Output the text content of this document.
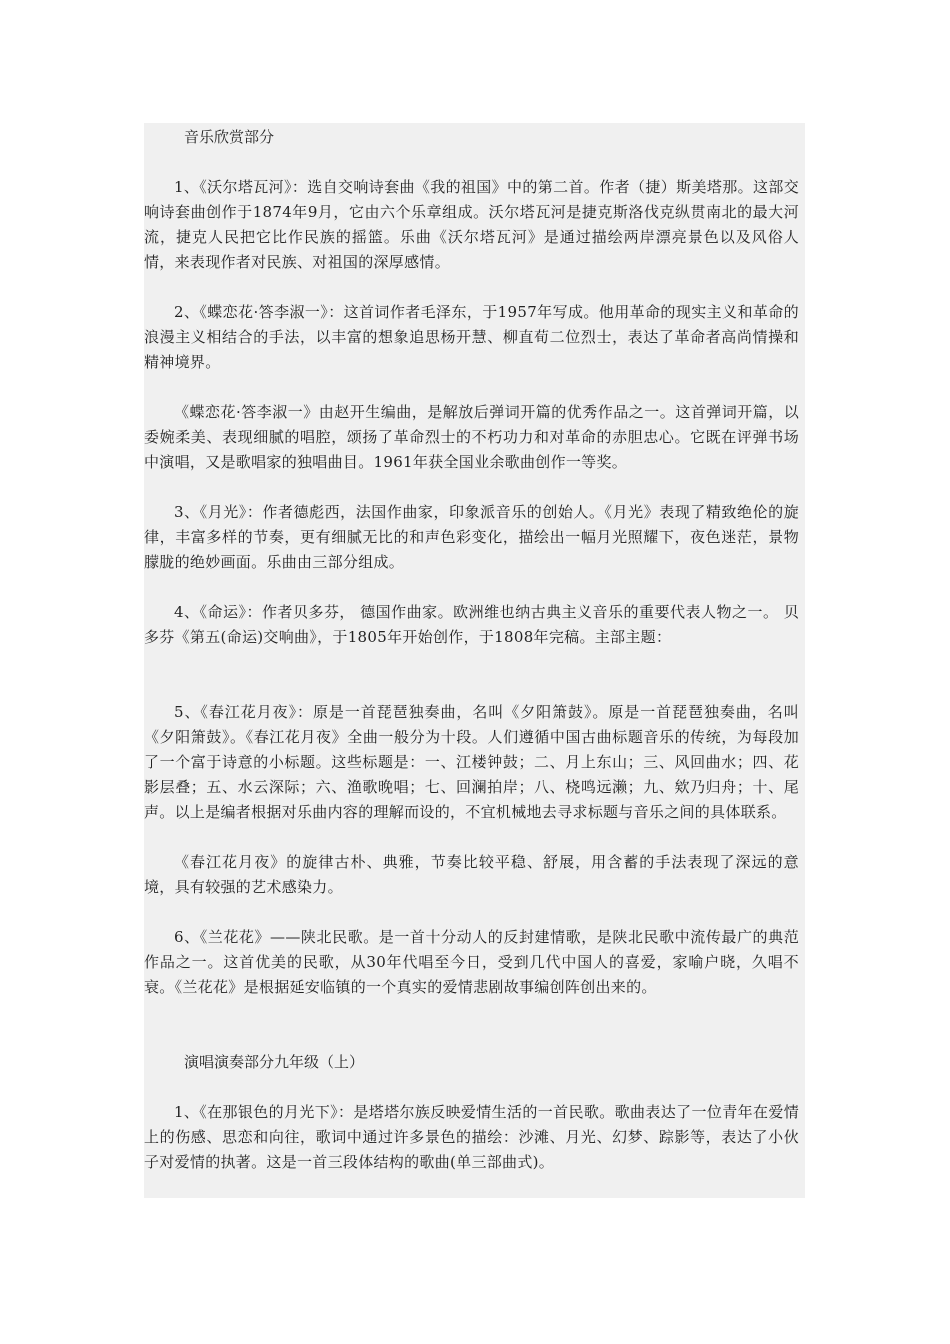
音乐欣赏部分

1、《沃尔塔瓦河》：选自交响诗套曲《我的祖国》中的第二首。作者（捷）斯美塔那。这部交响诗套曲创作于1874年9月，它由六个乐章组成。沃尔塔瓦河是捷克斯洛伐克纵贯南北的最大河流，捷克人民把它比作民族的摇篮。乐曲《沃尔塔瓦河》是通过描绘两岸漂亮景色以及风俗人情，来表现作者对民族、对祖国的深厚感情。

2、《蝶恋花·答李淑一》：这首词作者毛泽东，于1957年写成。他用革命的现实主义和革命的浪漫主义相结合的手法，以丰富的想象追思杨开慧、柳直荀二位烈士，表达了革命者高尚情操和精神境界。

《蝶恋花·答李淑一》由赵开生编曲，是解放后弹词开篇的优秀作品之一。这首弹词开篇，以委婉柔美、表现细腻的唱腔，颂扬了革命烈士的不朽功力和对革命的赤胆忠心。它既在评弹书场中演唱，又是歌唱家的独唱曲目。1961年获全国业余歌曲创作一等奖。

3、《月光》：作者德彪西，法国作曲家，印象派音乐的创始人。《月光》表现了精致绝伦的旋律，丰富多样的节奏，更有细腻无比的和声色彩变化，描绘出一幅月光照耀下，夜色迷茫，景物朦胧的绝妙画面。乐曲由三部分组成。

4、《命运》：作者贝多芬， 德国作曲家。欧洲维也纳古典主义音乐的重要代表人物之一。 贝多芬《第五(命运)交响曲》，于1805年开始创作，于1808年完稿。主部主题：

5、《春江花月夜》：原是一首琵琶独奏曲，名叫《夕阳箫鼓》。原是一首琵琶独奏曲，名叫《夕阳箫鼓》。《春江花月夜》全曲一般分为十段。人们遵循中国古曲标题音乐的传统，为每段加了一个富于诗意的小标题。这些标题是：一、江楼钟鼓；二、月上东山；三、风回曲水；四、花影层叠；五、水云深际；六、渔歌晚唱；七、回澜拍岸；八、桡鸣远濑；九、欸乃归舟；十、尾声。以上是编者根据对乐曲内容的理解而设的，不宜机械地去寻求标题与音乐之间的具体联系。

《春江花月夜》的旋律古朴、典雅，节奏比较平稳、舒展，用含蓄的手法表现了深远的意境，具有较强的艺术感染力。

6、《兰花花》——陕北民歌。是一首十分动人的反封建情歌，是陕北民歌中流传最广的典范作品之一。这首优美的民歌，从30年代唱至今日，受到几代中国人的喜爱，家喻户晓，久唱不衰。《兰花花》是根据延安临镇的一个真实的爱情悲剧故事编创阵创出来的。

演唱演奏部分九年级（上）

1、《在那银色的月光下》：是塔塔尔族反映爱情生活的一首民歌。歌曲表达了一位青年在爱情上的伤感、思恋和向往，歌词中通过许多景色的描绘：沙滩、月光、幻梦、踪影等，表达了小伙子对爱情的执著。这是一首三段体结构的歌曲(单三部曲式)。
